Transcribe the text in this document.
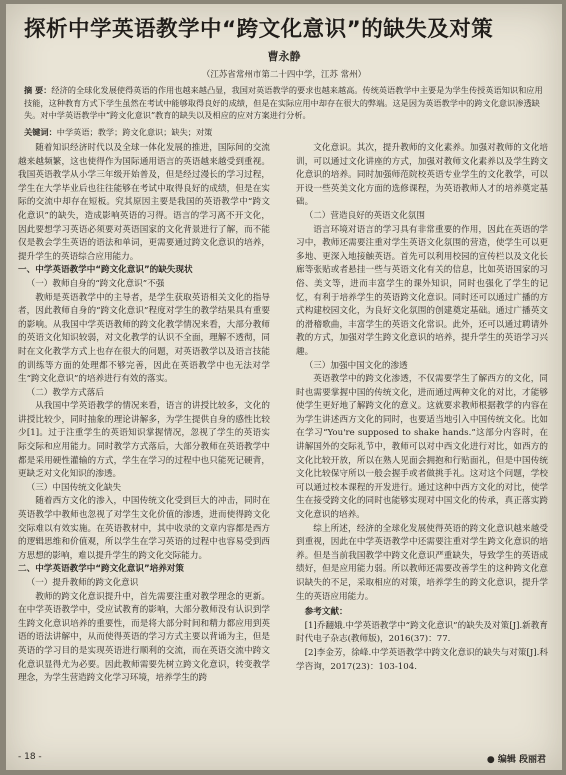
探析中学英语教学中“跨文化意识”的缺失及对策
曹永静
（江苏省常州市第二十四中学，江苏 常州）
摘 要：经济的全球化发展使得英语的作用也越来越凸显，我国对英语教学的要求也越来越高。传统英语教学中主要是为学生传授英语知识和应用技能，这种教育方式下学生虽然在考试中能够取得良好的成绩，但是在实际应用中却存在很大的弊端。这是因为英语教学中的跨文化意识渗透缺失。对中学英语教学中“跨文化意识”教育的缺失以及相应的应对方案进行分析。
关键词：中学英语；教学；跨文化意识；缺失；对策

随着知识经济时代以及全球一体化发展的推进，国际间的交流越来越频繁，这也使得作为国际通用语言的英语越来越受到重视。我国英语教学从小学三年级开始普及，但是经过漫长的学习过程，学生在大学毕业后也往往能够在考试中取得良好的成绩，但是在实际的交流中却存在短板。究其原因主要是我国的英语教学中“跨文化意识”的缺失，造成影响英语的习得。语言的学习离不开文化，因此要想学习英语必须要对英语国家的文化背景进行了解，而不能仅是教会学生英语的语法和单词，更需要通过跨文化意识的培养，提升学生的英语综合应用能力。

一、中学英语教学中“跨文化意识”的缺失现状

（一）教师自身的“跨文化意识”不强

教师是英语教学中的主导者，是学生获取英语相关文化的指导者，因此教师自身的“跨文化意识”程度对学生的教学结果具有重要的影响。从我国中学英语教师的跨文化教学情况来看，大部分教师的英语文化知识较弱，对文化教学的认识不全面，理解不透彻，同时在文化教学方式上也存在很大的问题，对英语教学以及语言技能的训练等方面的处理都不够完善，因此在英语教学中也无法对学生“跨文化意识”的培养进行有效的落实。

（二）教学方式落后

从我国中学英语教学的情况来看，语言的讲授比较多，文化的讲授比较少，同时抽象的理论讲解多，为学生提供自身的感性比较少[1]。过于注重学生的英语知识掌握情况，忽视了学生的英语实际交际和应用能力。同时教学方式落后，大部分教师在英语教学中都是采用硬性灌输的方式，学生在学习的过程中也只能死记硬背，更缺乏对文化知识的渗透。

（三）中国传统文化缺失

随着西方文化的渗入，中国传统文化受到巨大的冲击，同时在英语教学中教师也忽视了对学生文化价值的渗透，进而使得跨文化交际难以有效实施。在英语教材中，其中收录的文章内容都是西方的逻辑思维和价值观，所以学生在学习英语的过程中也容易受到西方思想的影响，难以提升学生的跨文化交际能力。

二、中学英语教学中“跨文化意识”培养对策

（一）提升教师的跨文化意识

教师的跨文化意识提升中，首先需要注重对教学理念的更新。在中学英语教学中，受应试教育的影响，大部分教师没有认识到学生跨文化意识培养的重要性，而是将大部分时间和精力都应用到英语的语法讲解中，从而使得英语的学习方式主要以背诵为主，但是英语的学习目的是实现英语进行顺利的交流，而在英语交流中跨文化意识显得尤为必要。因此教师需要先树立跨文化意识，转变教学理念，为学生营造跨文化学习环境，培养学生的跨

文化意识。其次，提升教师的文化素养。加强对教师的文化培训，可以通过文化讲座的方式，加强对教师文化素养以及学生跨文化意识的培养。同时加强师范院校英语专业学生的文化教学，可以开设一些英美文化方面的选修课程，为英语教师人才的培养奠定基础。

（二）营造良好的英语文化氛围

语言环境对语言的学习具有非常重要的作用，因此在英语的学习中，教师还需要注重对学生英语文化氛围的营造，使学生可以更多地、更深入地接触英语。首先可以利用校园的宣传栏以及文化长廊等张贴或者悬挂一些与英语文化有关的信息，比如英语国家的习俗、美文等，进而丰富学生的课外知识，同时也强化了学生的记忆，有利于培养学生的英语跨文化意识。同时还可以通过广播的方式构建校园文化，为良好文化氛围的创建奠定基础。通过广播英文的滑稽歌曲，丰富学生的英语文化常识。此外，还可以通过聘请外教的方式，加强对学生跨文化意识的培养，提升学生的英语学习兴趣。

（三）加强中国文化的渗透

英语教学中的跨文化渗透，不仅需要学生了解西方的文化，同时也需要掌握中国的传统文化，进而通过两种文化的对比，才能够使学生更好地了解跨文化的意义。这就要求教师根据教学的内容在为学生讲述西方文化的同时，也要适当地引入中国传统文化。比如在学习“You're supposed to shake hands.”这部分内容时，在讲解国外的交际礼节中，教师可以对中西文化进行对比，如西方的文化比较开放，所以在熟人见面会拥抱和行贴面礼，但是中国传统文化比较保守所以一般会握手或者做挑手礼。这对这个问题，学校可以通过校本课程的开发进行。通过这种中西方文化的对比，使学生在接受跨文化的同时也能够实现对中国文化的传承，真正落实跨文化意识的培养。

综上所述，经济的全球化发展使得英语的跨文化意识越来越受到重视，因此在中学英语教学中还需要注重对学生跨文化意识的培养。但是当前我国教学中跨文化意识严重缺失，导致学生的英语成绩好，但是应用能力弱。所以教师还需要改善学生的这种跨文化意识缺失的不足，采取相应的对策，培养学生的跨文化意识，提升学生的英语应用能力。

参考文献：

[1]乔翻娥.中学英语教学中“跨文化意识”的缺失及对策[J].新教育时代电子杂志(教师版)，2016(37)：77.

[2]李金芳，徐峰.中学英语教学中跨文化意识的缺失与对策[J].科学咨询，2017(23)：103-104.

- 18 -	● 编辑 段丽君
